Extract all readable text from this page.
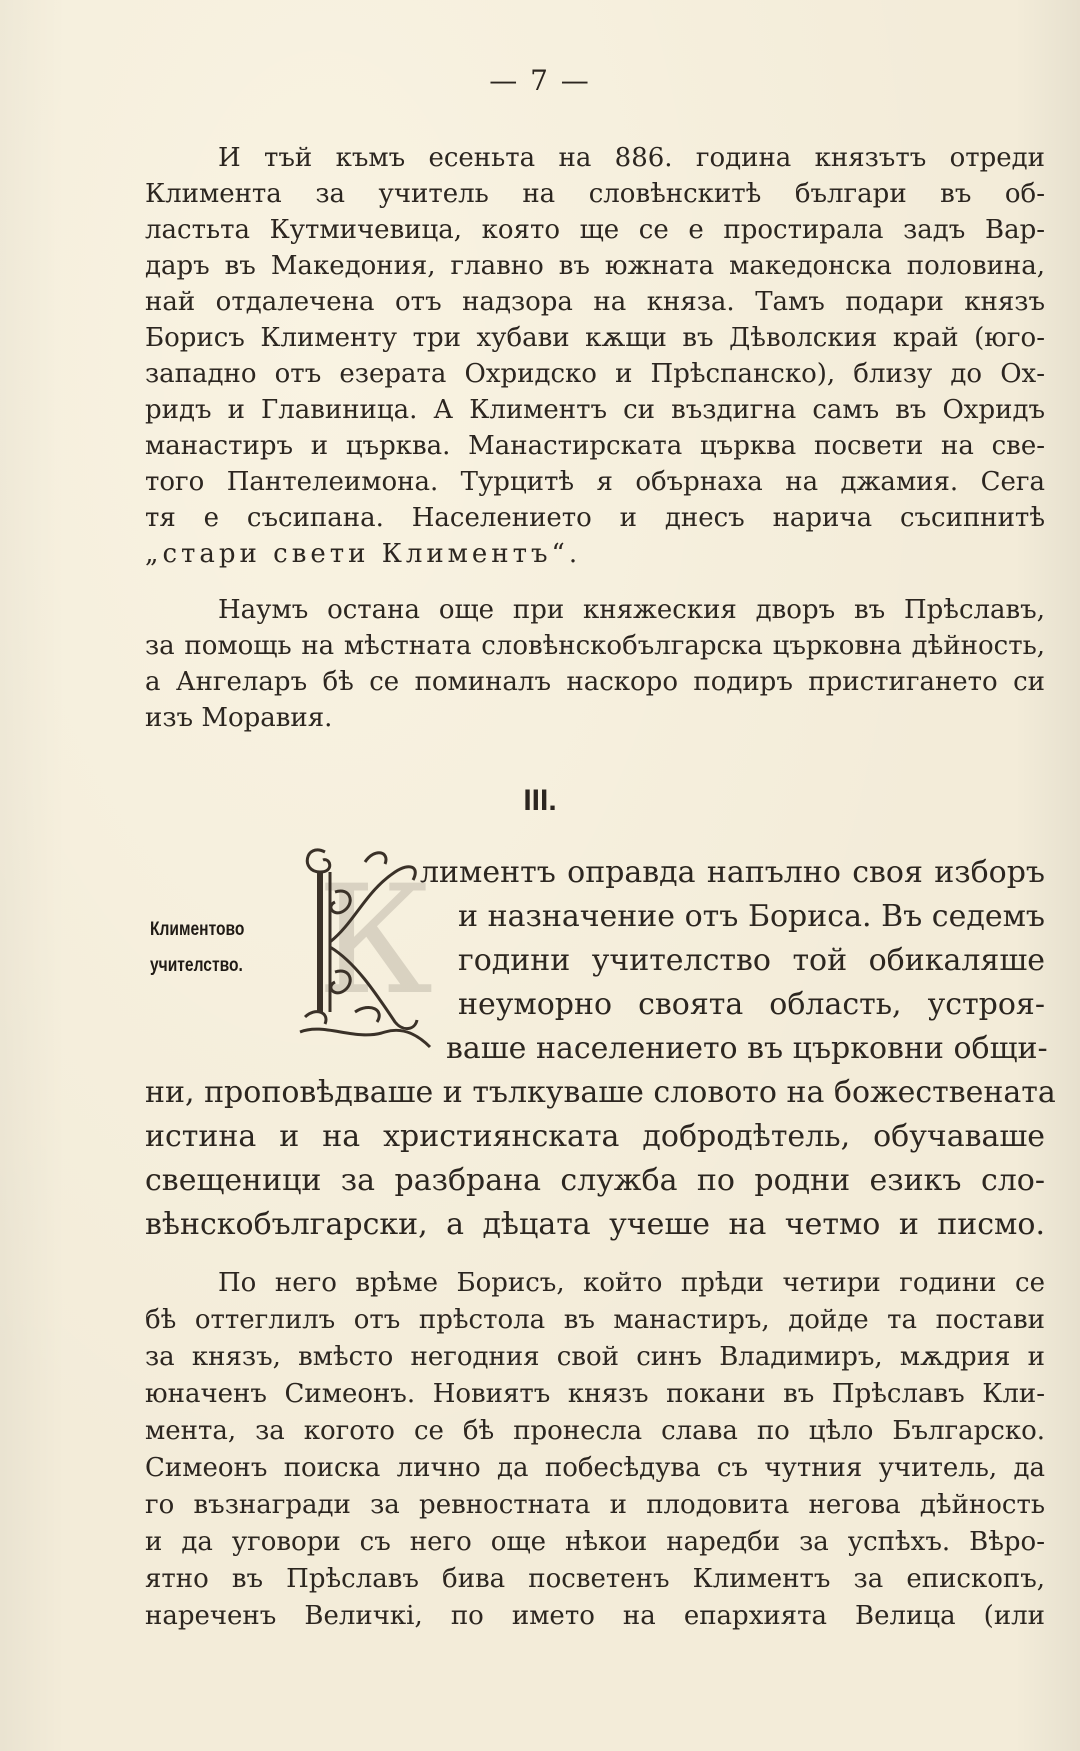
— 7 —
И тъй къмъ есеньта на 886. година князътъ отреди
Климента за учитель на словѣнскитѣ българи въ об-
ластьта Кутмичевица, която ще се е простирала задъ Вар-
даръ въ Македония, главно въ южната македонска половина,
най отдалечена отъ надзора на княза. Тамъ подари князъ
Борисъ Клименту три хубави кѫщи въ Дѣволския край (юго-
западно отъ езерата Охридско и Прѣспанско), близу до Ох-
ридъ и Главиница. А Климентъ си въздигна самъ въ Охридъ
манастиръ и църква. Манастирската църква посвети на све-
того Пантелеимона. Турцитѣ я обърнаха на джамия. Сега
тя е съсипана. Населението и днесъ нарича съсипнитѣ
„стари свети Климентъ“.
Наумъ остана още при княжеския дворъ въ Прѣславъ,
за помощь на мѣстната словѣнскобългарска църковна дѣйность,
а Ангеларъ бѣ се поминалъ наскоро подиръ пристигането си
изъ Моравия.
III.
Климентово
учителство. К
лиментъ оправда напълно своя изборъ
и назначение отъ Бориса. Въ седемъ
години учителство той обикаляше
неуморно своята область, устроя-
ваше населението въ църковни общи-
ни, проповѣдваше и тълкуваше словото на божествената
истина и на християнската добродѣтель, обучаваше
свещеници за разбрана служба по родни езикъ сло-
вѣнскобългарски, а дѣцата учеше на четмо и писмо.
По него врѣме Борисъ, който прѣди четири години се
бѣ оттеглилъ отъ прѣстола въ манастиръ, дойде та постави
за князъ, вмѣсто негодния свой синъ Владимиръ, мѫдрия и
юначенъ Симеонъ. Новиятъ князъ покани въ Прѣславъ Кли-
мента, за когото се бѣ пронесла слава по цѣло Българско.
Симеонъ поиска лично да побесѣдува съ чутния учитель, да
го възнагради за ревностната и плодовита негова дѣйность
и да уговори съ него още нѣкои наредби за успѣхъ. Вѣро-
ятно въ Прѣславъ бива посветенъ Климентъ за епископъ,
нареченъ Величкi, по името на епархията Велица (или
